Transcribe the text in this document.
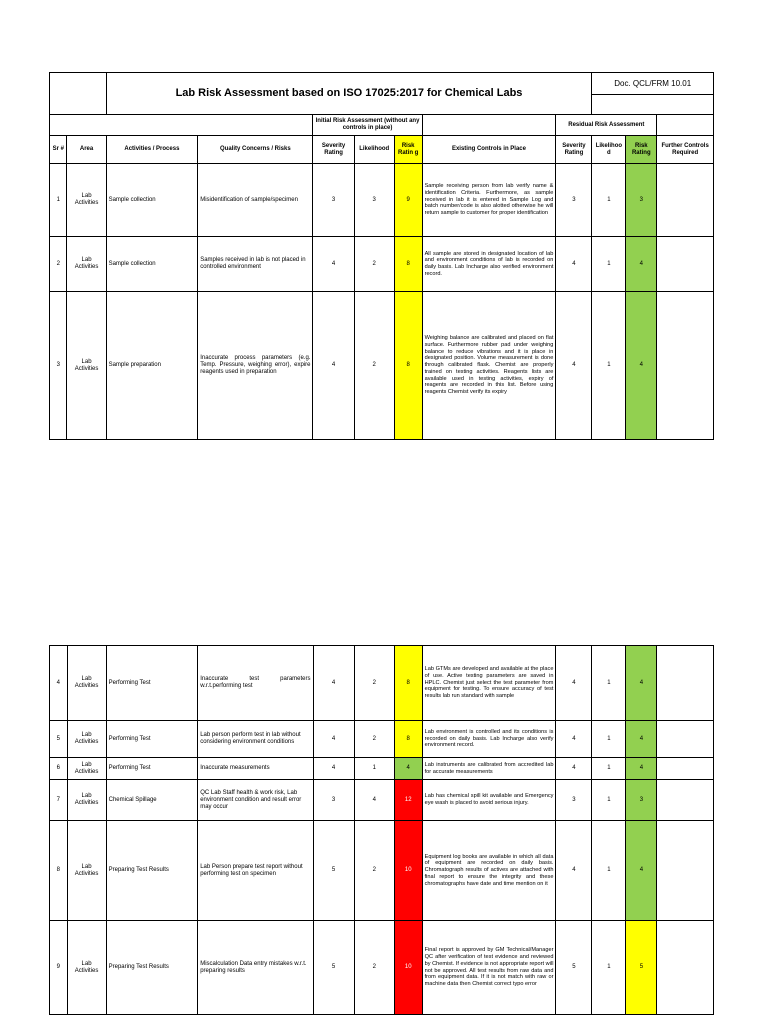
		Lab Risk Assessment based on ISO 17025:2017 for Chemical Labs							Doc. QCL/FRM 10.01		

				Initial Risk Assessment (without any controls in place)				Residual Risk Assessment			
Sr #	Area	Activities / Process	Quality Concerns / Risks	Severity Rating	Likelihood	Risk Ratin g	Existing Controls in Place	Severity Rating	Likelihoo d	Risk Rating	Further Controls Required
1	Lab Activities	Sample collection	Misidentification of sample/specimen	3	3	9	Sample receiving person from lab verify name & identification Criteria. Furthermore, as sample received in lab it is entered in Sample Log and batch number/code is also alotted otherwise he will return sample to customer for proper identification	3	1	3	
2	Lab Activities	Sample collection	Samples received in lab is not placed in controlled environment	4	2	8	All sample are stored in designated location of lab and environment conditions of lab is recorded on daily basis. Lab Incharge also verified environment record.	4	1	4	
3	Lab Activities	Sample preparation	Inaccurate process parameters (e.g. Temp. Pressure, weighing error), expire reagents used in preparation	4	2	8	Weighing balance are calibrated and placed on flat surface. Furthermore rubber pad under weighing balance to reduce vibrations and it is place in designated position. Volume measurement is done through calibrated flask. Chemist are properly trained on testing activities. Reagents lists are available used in testing activities, expiry of reagents are recorded in this list. Before using reagents Chemist verify its expiry	4	1	4	
4	Lab Activities	Performing Test	Inaccurate test parameters w.r.t.performing test	4	2	8	Lab GTMs are developed and available at the place of use. Active testing parameters are saved in HPLC. Chemist just select the test parameter from equipment for testing. To ensure accuracy of test results lab run standard with sample	4	1	4	
5	Lab Activities	Performing Test	Lab person perform test in lab without considering environment conditions	4	2	8	Lab environment is controlled and its conditions is recorded on daily basis. Lab Incharge also verify environment record.	4	1	4	
6	Lab Activities	Performing Test	Inaccurate measurements	4	1	4	Lab instruments are calibrated from accredited lab for accurate measurements	4	1	4	
7	Lab Activities	Chemical Spillage	QC Lab Staff health & work risk, Lab environment condition and result error may occur	3	4	12	Lab has chemical spill kit available and Emergency eye wash is placed to avoid serious injury.	3	1	3	
8	Lab Activities	Preparing Test Results	Lab Person prepare test report without performing test on specimen	5	2	10	Equipment log books are available in which all data of equipment are recorded on daily basis. Chromatograph results of actives are attached with final report to ensure the integrity and these chromatographs have date and time mention on it	4	1	4	
9	Lab Activities	Preparing Test Results	Miscalculation Data entry mistakes w.r.t. preparing results	5	2	10	Final report is approved by GM Technical/Manager QC after verification of test evidence and reviewed by Chemist. If evidence is not appropriate report will not be approved. All test results from raw data and from equipment data. If it is not match with raw or machine data then Chemist correct typo error	5	1	5	
